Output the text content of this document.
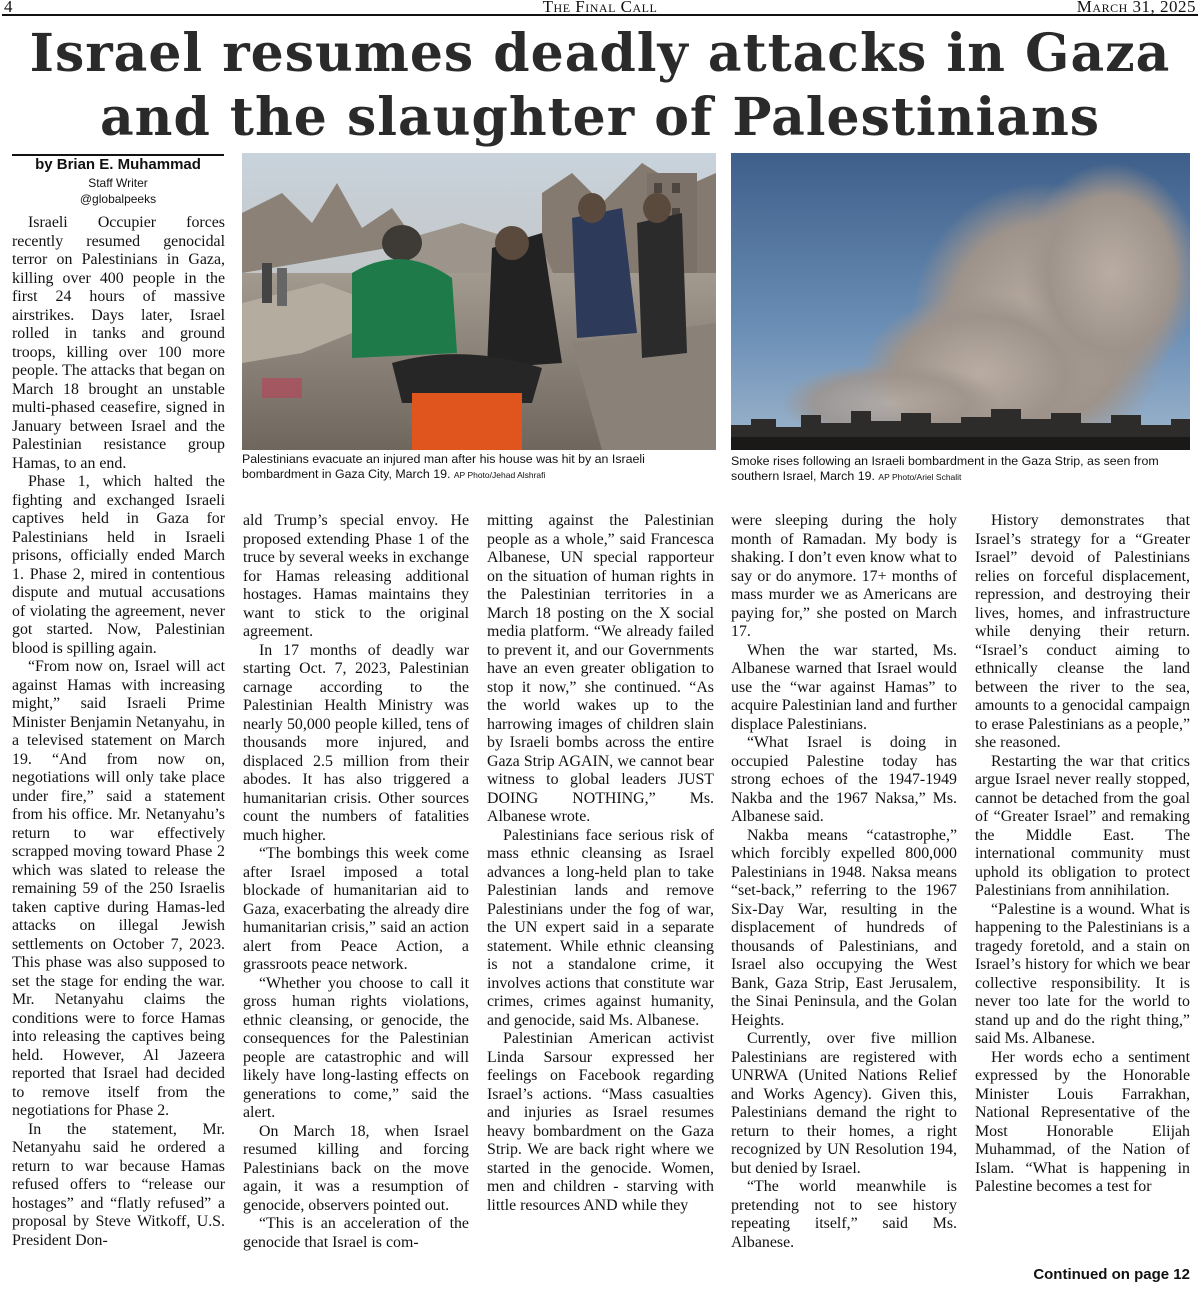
4	The Final Call	March 31, 2025
Israel resumes deadly attacks in Gaza
and the slaughter of Palestinians
by Brian E. Muhammad
Staff Writer
@globalpeeks
Palestinians evacuate an injured man after his house was hit by an Israeli bombardment in Gaza City, March 19. AP Photo/Jehad Alshrafi
Smoke rises following an Israeli bombardment in the Gaza Strip, as seen from southern Israel, March 19. AP Photo/Ariel Schalit

Israeli Occupier forces recently resumed genocidal terror on Palestinians in Gaza, killing over 400 people in the first 24 hours of massive airstrikes. Days later, Israel rolled in tanks and ground troops, killing over 100 more people. The attacks that began on March 18 brought an unstable multi-phased ceasefire, signed in January between Israel and the Palestinian resistance group Hamas, to an end.

Phase 1, which halted the fighting and exchanged Israeli captives held in Gaza for Palestinians held in Israeli prisons, officially ended March 1. Phase 2, mired in contentious dispute and mutual accusations of violating the agreement, never got started. Now, Palestinian blood is spilling again.

“From now on, Israel will act against Hamas with increasing might,” said Israeli Prime Minister Benjamin Netanyahu, in a televised statement on March 19. “And from now on, negotiations will only take place under fire,” said a statement from his office. Mr. Netanyahu’s return to war effectively scrapped moving toward Phase 2 which was slated to release the remaining 59 of the 250 Israelis taken captive during Hamas-led attacks on illegal Jewish settlements on October 7, 2023. This phase was also supposed to set the stage for ending the war. Mr. Netanyahu claims the conditions were to force Hamas into releasing the captives being held. However, Al Jazeera reported that Israel had decided to remove itself from the negotiations for Phase 2.

In the statement, Mr. Netanyahu said he ordered a return to war because Hamas refused offers to “release our hostages” and “flatly refused” a proposal by Steve Witkoff, U.S. President Don-

ald Trump’s special envoy. He proposed extending Phase 1 of the truce by several weeks in exchange for Hamas releasing additional hostages. Hamas maintains they want to stick to the original agreement.

In 17 months of deadly war starting Oct. 7, 2023, Palestinian carnage according to the Palestinian Health Ministry was nearly 50,000 people killed, tens of thousands more injured, and displaced 2.5 million from their abodes. It has also triggered a humanitarian crisis. Other sources count the numbers of fatalities much higher.

“The bombings this week come after Israel imposed a total blockade of humanitarian aid to Gaza, exacerbating the already dire humanitarian crisis,” said an action alert from Peace Action, a grassroots peace network.

“Whether you choose to call it gross human rights violations, ethnic cleansing, or genocide, the consequences for the Palestinian people are catastrophic and will likely have long-lasting effects on generations to come,” said the alert.

On March 18, when Israel resumed killing and forcing Palestinians back on the move again, it was a resumption of genocide, observers pointed out.

“This is an acceleration of the genocide that Israel is com-

mitting against the Palestinian people as a whole,” said Francesca Albanese, UN special rapporteur on the situation of human rights in the Palestinian territories in a March 18 posting on the X social media platform. “We already failed to prevent it, and our Governments have an even greater obligation to stop it now,” she continued. “As the world wakes up to the harrowing images of children slain by Israeli bombs across the entire Gaza Strip AGAIN, we cannot bear witness to global leaders JUST DOING NOTHING,” Ms. Albanese wrote.

Palestinians face serious risk of mass ethnic cleansing as Israel advances a long-held plan to take Palestinian lands and remove Palestinians under the fog of war, the UN expert said in a separate statement. While ethnic cleansing is not a standalone crime, it involves actions that constitute war crimes, crimes against humanity, and genocide, said Ms. Albanese.

Palestinian American activist Linda Sarsour expressed her feelings on Facebook regarding Israel’s actions. “Mass casualties and injuries as Israel resumes heavy bombardment on the Gaza Strip. We are back right where we started in the genocide. Women, men and children - starving with little resources AND while they

were sleeping during the holy month of Ramadan. My body is shaking. I don’t even know what to say or do anymore. 17+ months of mass murder we as Americans are paying for,” she posted on March 17.

When the war started, Ms. Albanese warned that Israel would use the “war against Hamas” to acquire Palestinian land and further displace Palestinians.

“What Israel is doing in occupied Palestine today has strong echoes of the 1947-1949 Nakba and the 1967 Naksa,” Ms. Albanese said.

Nakba means “catastrophe,” which forcibly expelled 800,000 Palestinians in 1948. Naksa means “set-back,” referring to the 1967 Six-Day War, resulting in the displacement of hundreds of thousands of Palestinians, and Israel also occupying the West Bank, Gaza Strip, East Jerusalem, the Sinai Peninsula, and the Golan Heights.

Currently, over five million Palestinians are registered with UNRWA (United Nations Relief and Works Agency). Given this, Palestinians demand the right to return to their homes, a right recognized by UN Resolution 194, but denied by Israel.

“The world meanwhile is pretending not to see history repeating itself,” said Ms. Albanese.

History demonstrates that Israel’s strategy for a “Greater Israel” devoid of Palestinians relies on forceful displacement, repression, and destroying their lives, homes, and infrastructure while denying their return. “Israel’s conduct aiming to ethnically cleanse the land between the river to the sea, amounts to a genocidal campaign to erase Palestinians as a people,” she reasoned.

Restarting the war that critics argue Israel never really stopped, cannot be detached from the goal of “Greater Israel” and remaking the Middle East. The international community must uphold its obligation to protect Palestinians from annihilation.

“Palestine is a wound. What is happening to the Palestinians is a tragedy foretold, and a stain on Israel’s history for which we bear collective responsibility. It is never too late for the world to stand up and do the right thing,” said Ms. Albanese.

Her words echo a sentiment expressed by the Honorable Minister Louis Farrakhan, National Representative of the Most Honorable Elijah Muhammad, of the Nation of Islam. “What is happening in Palestine becomes a test for

Continued on page 12
